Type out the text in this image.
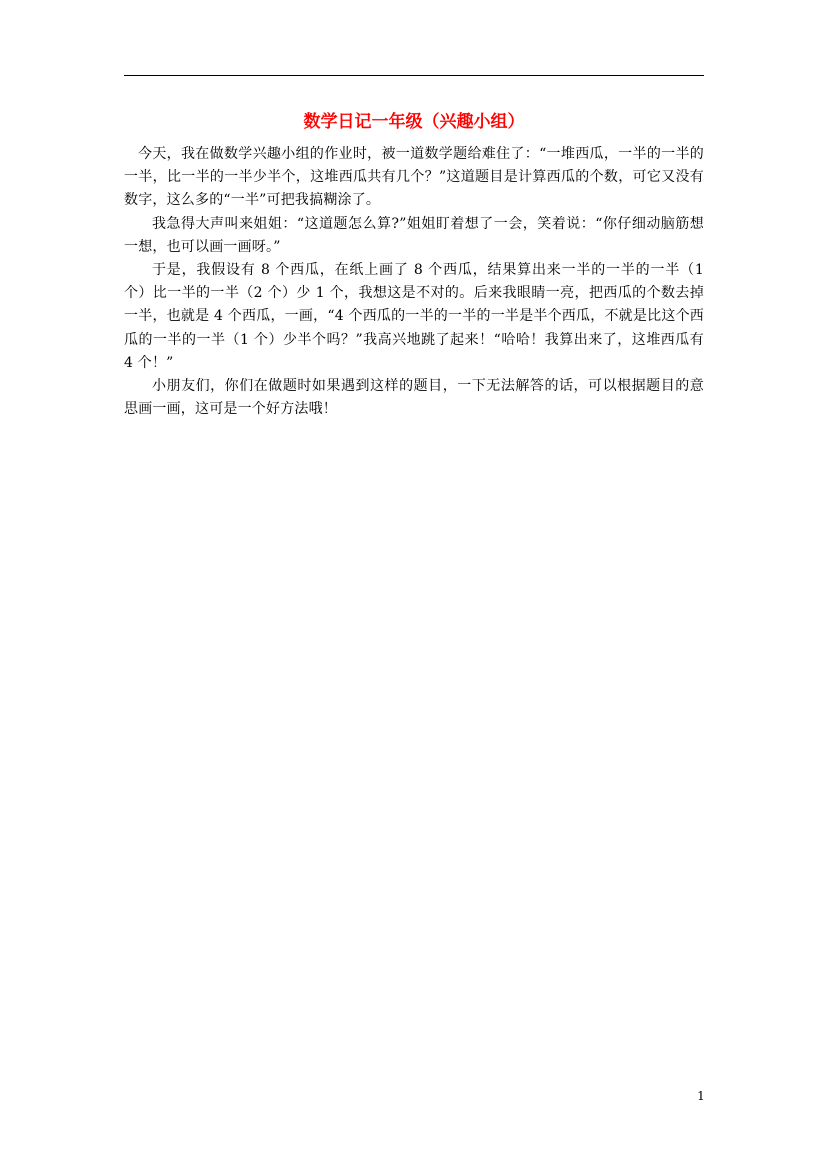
数学日记一年级（兴趣小组）

今天，我在做数学兴趣小组的作业时，被一道数学题给难住了：“一堆西瓜，一半的一半的一半，比一半的一半少半个，这堆西瓜共有几个？”这道题目是计算西瓜的个数，可它又没有数字，这么多的“一半”可把我搞糊涂了。

我急得大声叫来姐姐：“这道题怎么算?”姐姐盯着想了一会，笑着说：“你仔细动脑筋想一想，也可以画一画呀。”

于是，我假设有 8 个西瓜，在纸上画了 8 个西瓜，结果算出来一半的一半的一半（1 个）比一半的一半（2 个）少 1 个，我想这是不对的。后来我眼睛一亮，把西瓜的个数去掉一半，也就是 4 个西瓜，一画，“4 个西瓜的一半的一半的一半是半个西瓜，不就是比这个西瓜的一半的一半（1 个）少半个吗？”我高兴地跳了起来！“哈哈！我算出来了，这堆西瓜有 4 个！”

小朋友们，你们在做题时如果遇到这样的题目，一下无法解答的话，可以根据题目的意思画一画，这可是一个好方法哦！

1
